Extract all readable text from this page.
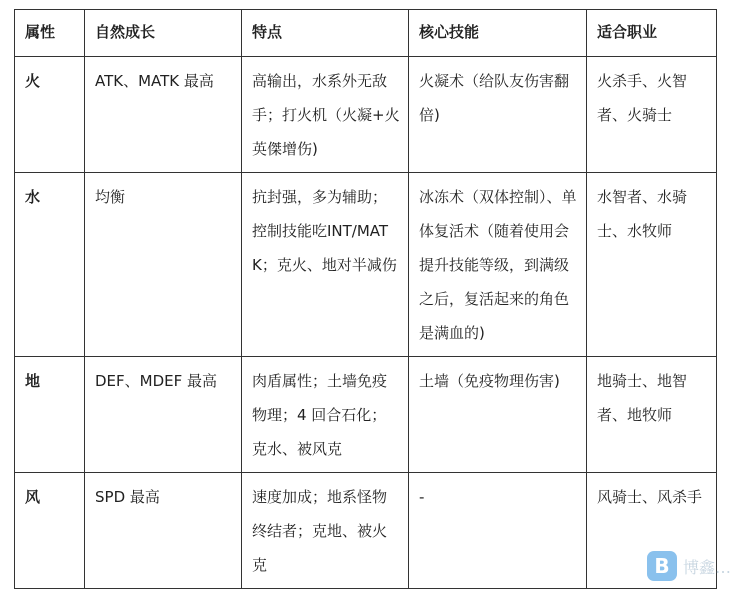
属性	自然成长	特点	核心技能	适合职业
火	ATK、MATK 最高	高输出，水系外无敌手；打火机（火凝+火英傑增伤)	火凝术（给队友伤害翻倍)	火杀手、火智者、火骑士
水	均衡	抗封强，多为辅助；控制技能吃INT/MATK；克火、地对半减伤	冰冻术（双体控制）、单体复活术（随着使用会提升技能等级，到满级之后，复活起来的角色是满血的)	水智者、水骑士、水牧师
地	DEF、MDEF 最高	肉盾属性；土墙免疫物理；4 回合石化；克水、被风克	土墙（免疫物理伤害)	地骑士、地智者、地牧师
风	SPD 最高	速度加成；地系怪物终结者；克地、被火克	-	风骑士、风杀手
B 博鑫…
